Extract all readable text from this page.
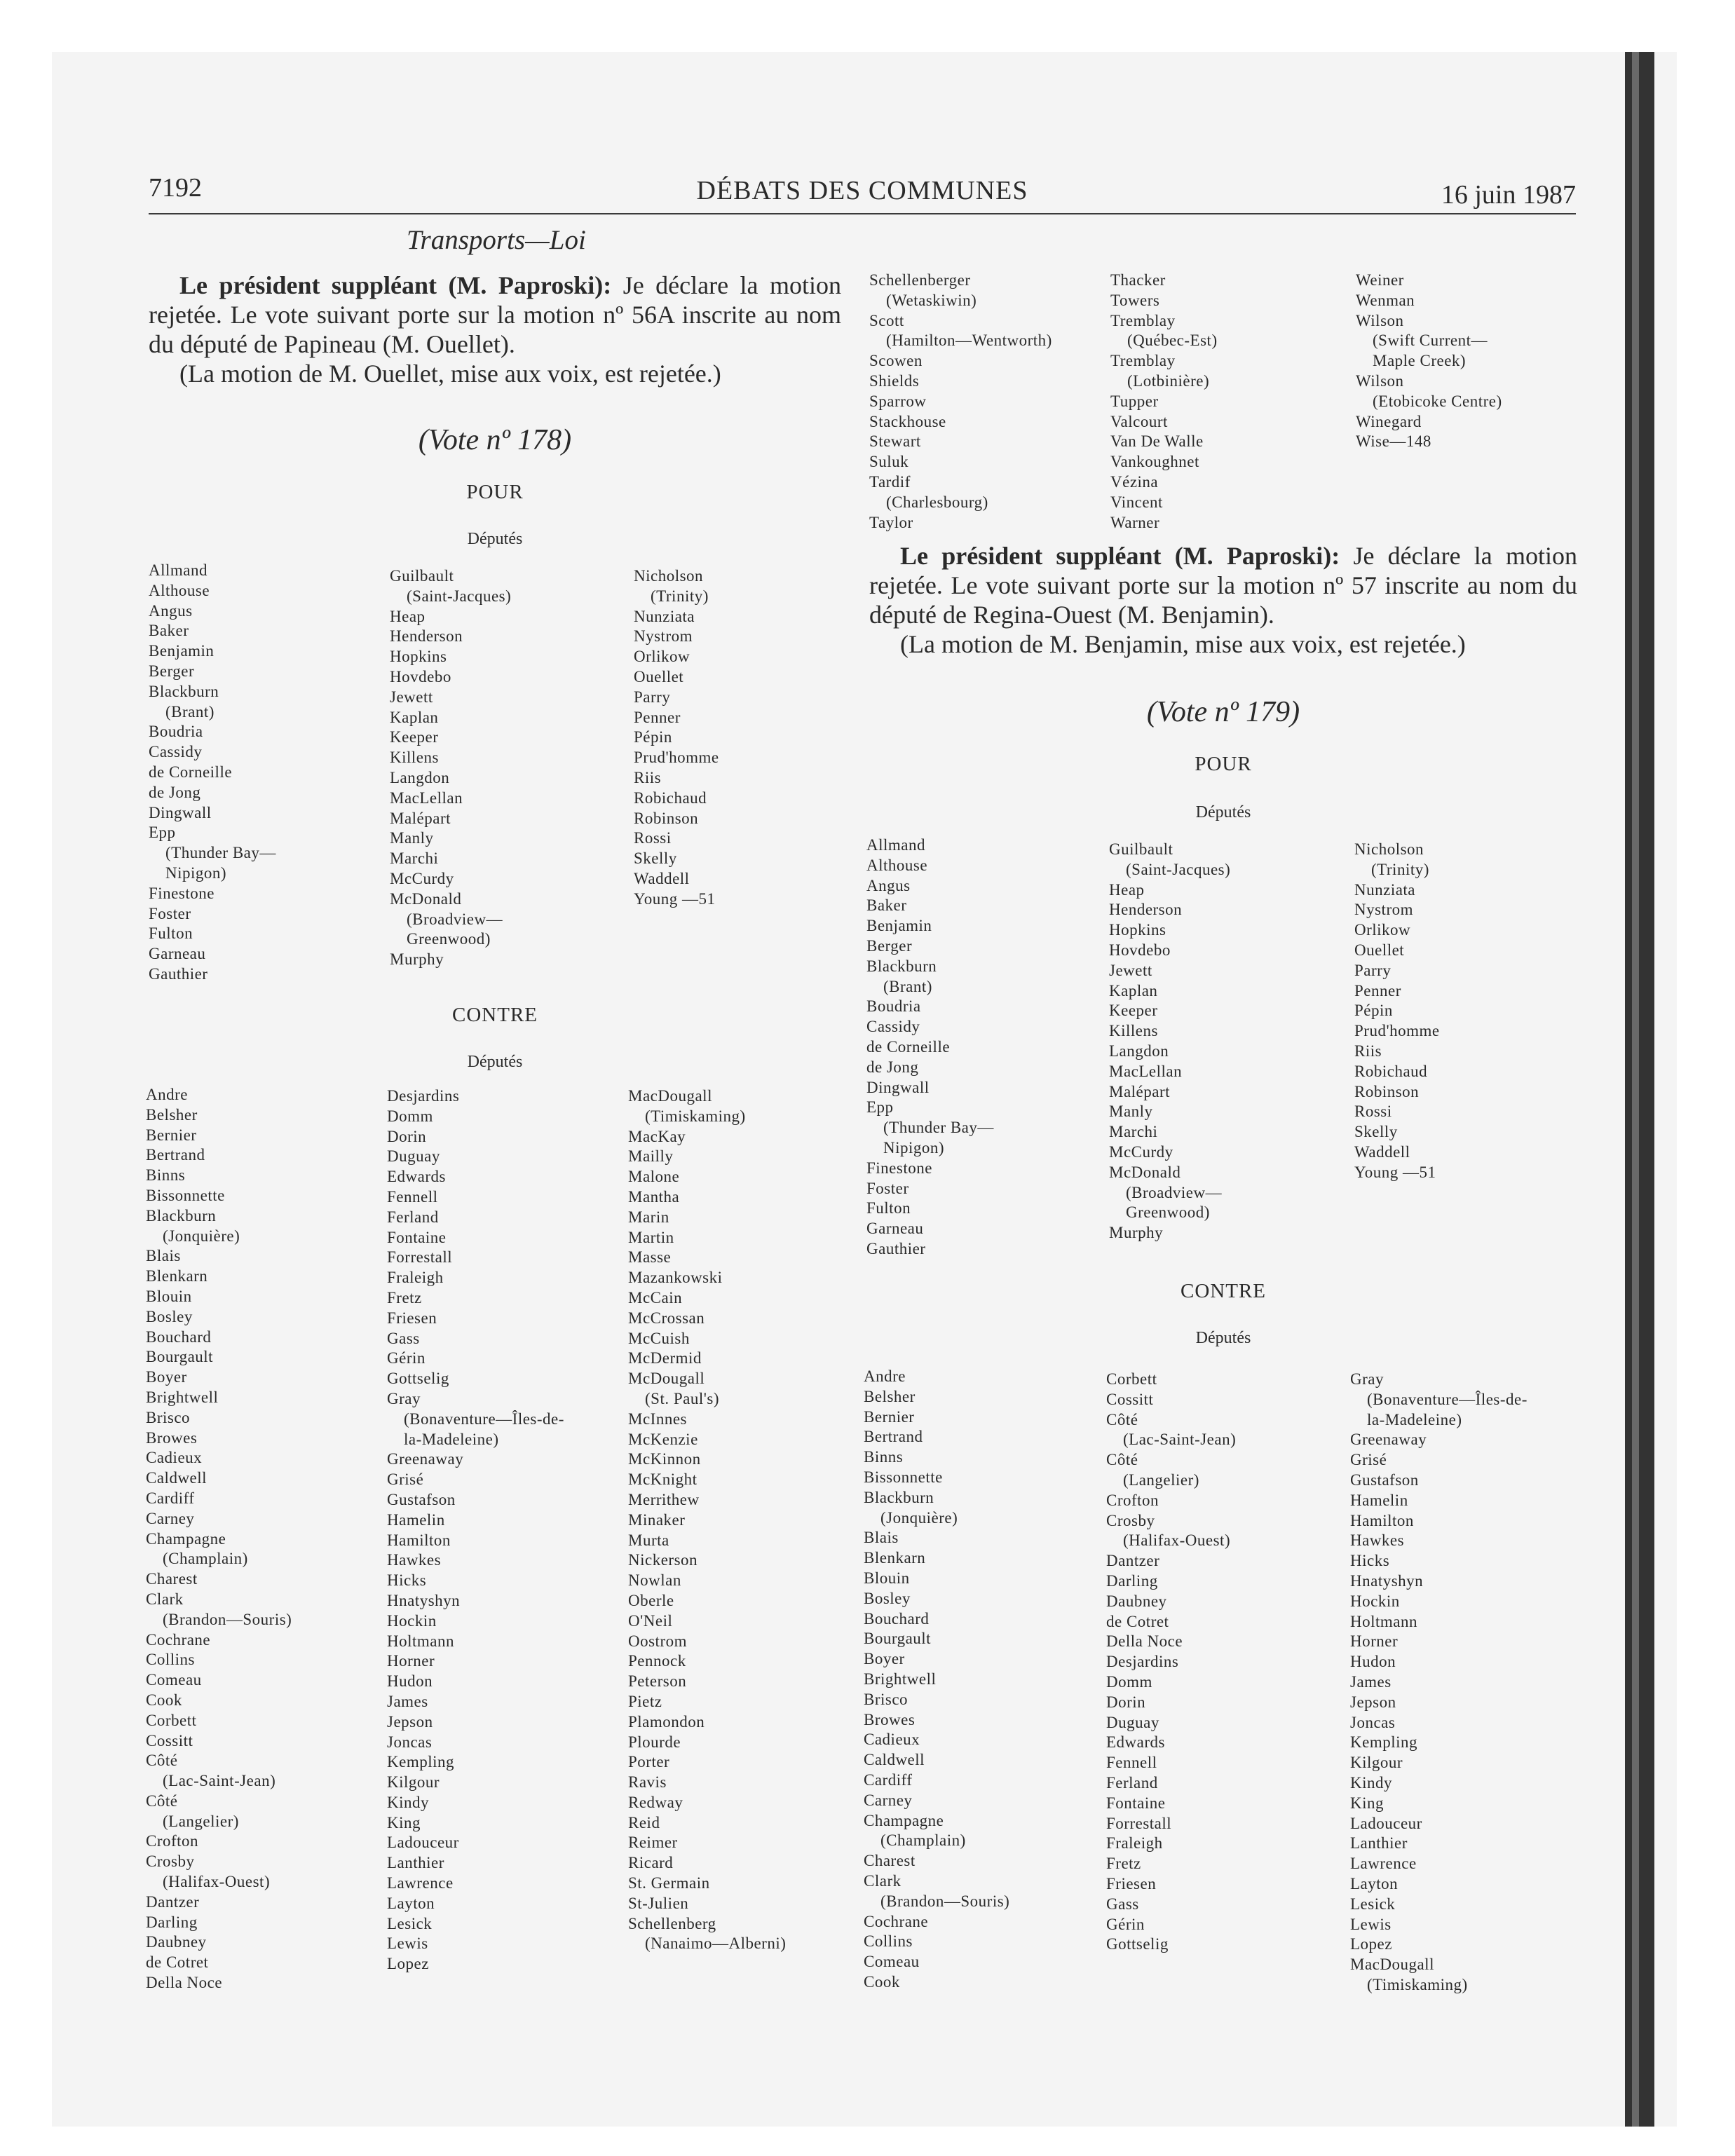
7192	DÉBATS DES COMMUNES	16 juin 1987
Transports—Loi
Le président suppléant (M. Paproski): Je déclare la motion rejetée. Le vote suivant porte sur la motion nº 56A inscrite au nom du député de Papineau (M. Ouellet).
(La motion de M. Ouellet, mise aux voix, est rejetée.)
(Vote nº 178)
POUR
Députés
Allmand
Althouse
Angus
Baker
Benjamin
Berger
Blackburn
(Brant)
Boudria
Cassidy
de Corneille
de Jong
Dingwall
Epp
(Thunder Bay—
Nipigon)
Finestone
Foster
Fulton
Garneau
Gauthier
Guilbault
(Saint-Jacques)
Heap
Henderson
Hopkins
Hovdebo
Jewett
Kaplan
Keeper
Killens
Langdon
MacLellan
Malépart
Manly
Marchi
McCurdy
McDonald
(Broadview—
Greenwood)
Murphy
Nicholson
(Trinity)
Nunziata
Nystrom
Orlikow
Ouellet
Parry
Penner
Pépin
Prud'homme
Riis
Robichaud
Robinson
Rossi
Skelly
Waddell
Young —51
CONTRE
Députés
Andre
Belsher
Bernier
Bertrand
Binns
Bissonnette
Blackburn
(Jonquière)
Blais
Blenkarn
Blouin
Bosley
Bouchard
Bourgault
Boyer
Brightwell
Brisco
Browes
Cadieux
Caldwell
Cardiff
Carney
Champagne
(Champlain)
Charest
Clark
(Brandon—Souris)
Cochrane
Collins
Comeau
Cook
Corbett
Cossitt
Côté
(Lac-Saint-Jean)
Côté
(Langelier)
Crofton
Crosby
(Halifax-Ouest)
Dantzer
Darling
Daubney
de Cotret
Della Noce
Desjardins
Domm
Dorin
Duguay
Edwards
Fennell
Ferland
Fontaine
Forrestall
Fraleigh
Fretz
Friesen
Gass
Gérin
Gottselig
Gray
(Bonaventure—Îles-de-
la-Madeleine)
Greenaway
Grisé
Gustafson
Hamelin
Hamilton
Hawkes
Hicks
Hnatyshyn
Hockin
Holtmann
Horner
Hudon
James
Jepson
Joncas
Kempling
Kilgour
Kindy
King
Ladouceur
Lanthier
Lawrence
Layton
Lesick
Lewis
Lopez
MacDougall
(Timiskaming)
MacKay
Mailly
Malone
Mantha
Marin
Martin
Masse
Mazankowski
McCain
McCrossan
McCuish
McDermid
McDougall
(St. Paul's)
McInnes
McKenzie
McKinnon
McKnight
Merrithew
Minaker
Murta
Nickerson
Nowlan
Oberle
O'Neil
Oostrom
Pennock
Peterson
Pietz
Plamondon
Plourde
Porter
Ravis
Redway
Reid
Reimer
Ricard
St. Germain
St-Julien
Schellenberg
(Nanaimo—Alberni)
Schellenberger
(Wetaskiwin)
Scott
(Hamilton—Wentworth)
Scowen
Shields
Sparrow
Stackhouse
Stewart
Suluk
Tardif
(Charlesbourg)
Taylor
Thacker
Towers
Tremblay
(Québec-Est)
Tremblay
(Lotbinière)
Tupper
Valcourt
Van De Walle
Vankoughnet
Vézina
Vincent
Warner
Weiner
Wenman
Wilson
(Swift Current—
Maple Creek)
Wilson
(Etobicoke Centre)
Winegard
Wise—148
Le président suppléant (M. Paproski): Je déclare la motion rejetée. Le vote suivant porte sur la motion nº 57 inscrite au nom du député de Regina-Ouest (M. Benjamin).
(La motion de M. Benjamin, mise aux voix, est rejetée.)
(Vote nº 179)
POUR
Députés
Allmand
Althouse
Angus
Baker
Benjamin
Berger
Blackburn
(Brant)
Boudria
Cassidy
de Corneille
de Jong
Dingwall
Epp
(Thunder Bay—
Nipigon)
Finestone
Foster
Fulton
Garneau
Gauthier
Guilbault
(Saint-Jacques)
Heap
Henderson
Hopkins
Hovdebo
Jewett
Kaplan
Keeper
Killens
Langdon
MacLellan
Malépart
Manly
Marchi
McCurdy
McDonald
(Broadview—
Greenwood)
Murphy
Nicholson
(Trinity)
Nunziata
Nystrom
Orlikow
Ouellet
Parry
Penner
Pépin
Prud'homme
Riis
Robichaud
Robinson
Rossi
Skelly
Waddell
Young —51
CONTRE
Députés
Andre
Belsher
Bernier
Bertrand
Binns
Bissonnette
Blackburn
(Jonquière)
Blais
Blenkarn
Blouin
Bosley
Bouchard
Bourgault
Boyer
Brightwell
Brisco
Browes
Cadieux
Caldwell
Cardiff
Carney
Champagne
(Champlain)
Charest
Clark
(Brandon—Souris)
Cochrane
Collins
Comeau
Cook
Corbett
Cossitt
Côté
(Lac-Saint-Jean)
Côté
(Langelier)
Crofton
Crosby
(Halifax-Ouest)
Dantzer
Darling
Daubney
de Cotret
Della Noce
Desjardins
Domm
Dorin
Duguay
Edwards
Fennell
Ferland
Fontaine
Forrestall
Fraleigh
Fretz
Friesen
Gass
Gérin
Gottselig
Gray
(Bonaventure—Îles-de-
la-Madeleine)
Greenaway
Grisé
Gustafson
Hamelin
Hamilton
Hawkes
Hicks
Hnatyshyn
Hockin
Holtmann
Horner
Hudon
James
Jepson
Joncas
Kempling
Kilgour
Kindy
King
Ladouceur
Lanthier
Lawrence
Layton
Lesick
Lewis
Lopez
MacDougall
(Timiskaming)
